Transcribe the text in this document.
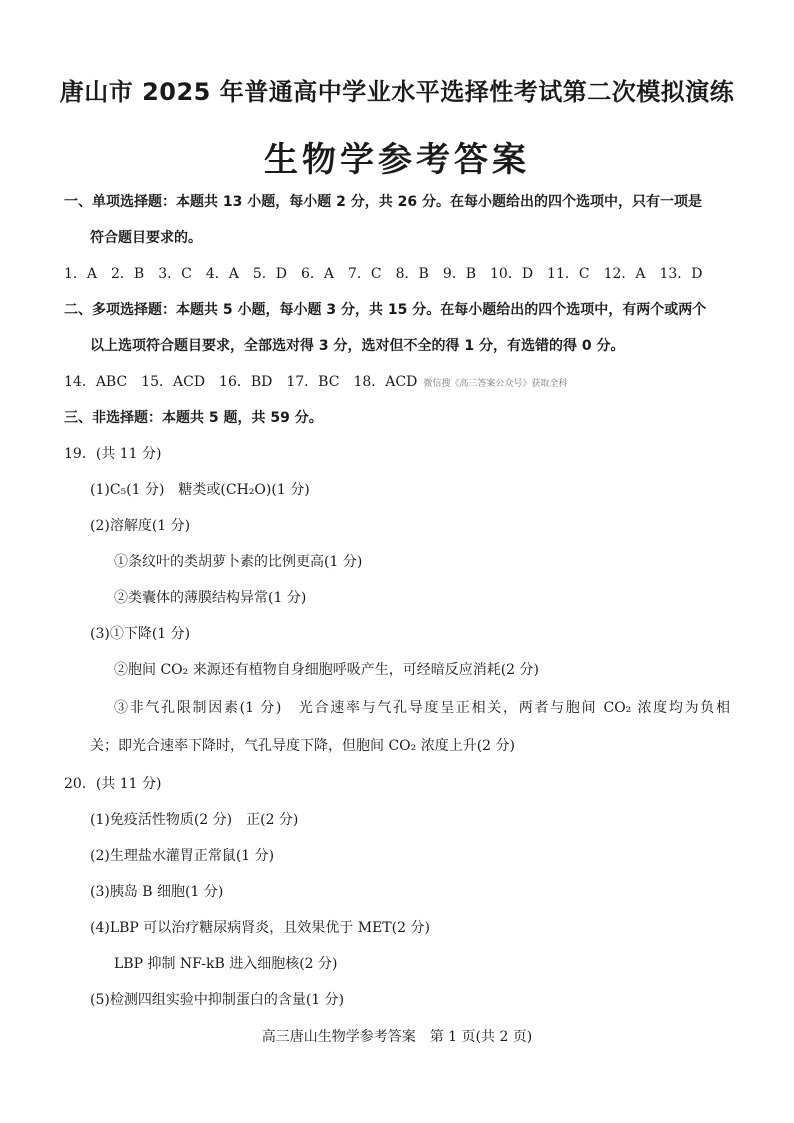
唐山市 2025 年普通高中学业水平选择性考试第二次模拟演练
生物学参考答案
一、单项选择题：本题共 13 小题，每小题 2 分，共 26 分。在每小题给出的四个选项中，只有一项是
符合题目要求的。
1．A　2．B　3．C　4．A　5．D　6．A　7．C　8．B　9．B　10．D　11．C　12．A　13．D
二、多项选择题：本题共 5 小题，每小题 3 分，共 15 分。在每小题给出的四个选项中，有两个或两个
以上选项符合题目要求，全部选对得 3 分，选对但不全的得 1 分，有选错的得 0 分。
14．ABC　15．ACD　16．BD　17．BC　18．ACD 微信搜《高三答案公众号》获取全科
三、非选择题：本题共 5 题，共 59 分。
19．(共 11 分)
(1)C₅(1 分)　糖类或(CH₂O)(1 分)
(2)溶解度(1 分)
①条纹叶的类胡萝卜素的比例更高(1 分)
②类囊体的薄膜结构异常(1 分)
(3)①下降(1 分)
②胞间 CO₂ 来源还有植物自身细胞呼吸产生，可经暗反应消耗(2 分)
③非气孔限制因素(1 分)　光合速率与气孔导度呈正相关，两者与胞间 CO₂ 浓度均为负相
关；即光合速率下降时，气孔导度下降，但胞间 CO₂ 浓度上升(2 分)
20．(共 11 分)
(1)免疫活性物质(2 分)　正(2 分)
(2)生理盐水灌胃正常鼠(1 分)
(3)胰岛 B 细胞(1 分)
(4)LBP 可以治疗糖尿病肾炎，且效果优于 MET(2 分)
LBP 抑制 NF-kB 进入细胞核(2 分)
(5)检测四组实验中抑制蛋白的含量(1 分)
高三唐山生物学参考答案　第 1 页(共 2 页)
